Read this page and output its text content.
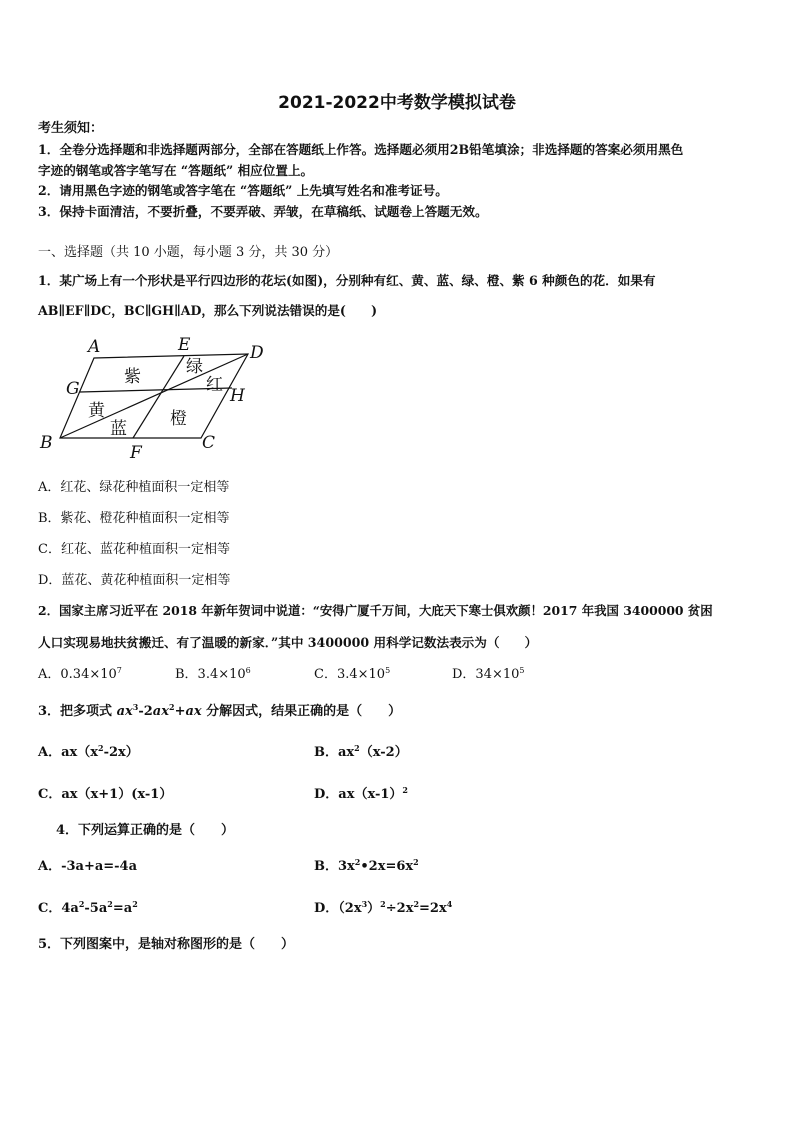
2021-2022中考数学模拟试卷
考生须知：
1．全卷分选择题和非选择题两部分，全部在答题纸上作答。选择题必须用2B铅笔填涂；非选择题的答案必须用黑色
字迹的钢笔或答字笔写在 “答题纸” 相应位置上。
2．请用黑色字迹的钢笔或答字笔在 “答题纸” 上先填写姓名和准考证号。
3．保持卡面清洁，不要折叠，不要弄破、弄皱，在草稿纸、试题卷上答题无效。
一、选择题（共 10 小题，每小题 3 分，共 30 分）
1．某广场上有一个形状是平行四边形的花坛(如图)，分别种有红、黄、蓝、绿、橙、紫 6 种颜色的花．如果有
AB∥EF∥DC，BC∥GH∥AD，那么下列说法错误的是(　　)
A	E	D
G	H
B	F	C
紫	绿
红
黄	橙
蓝
A．红花、绿花种植面积一定相等
B．紫花、橙花种植面积一定相等
C．红花、蓝花种植面积一定相等
D．蓝花、黄花种植面积一定相等
2．国家主席习近平在 2018 年新年贺词中说道：“安得广厦千万间，大庇天下寒士俱欢颜！2017 年我国 3400000 贫困
人口实现易地扶贫搬迁、有了温暖的新家．”其中 3400000 用科学记数法表示为（　　）
A．$0.34\times 10^7$	B．$3.4\times 10^6$	C．$3.4\times 10^5$	D．$34\times 10^5$
3．把多项式 $ax^3-2ax^2+ax$ 分解因式，结果正确的是（　　）
A．$ax(x^2-2x)$	B．$ax^2(x-2)$
C．ax（x+1）(x-1）	D．$ax(x-1)^2$
4．下列运算正确的是（　　）
A．-3a+a=-4a	B．$3x^2•2x=6x^2$
C．$4a^2-5a^2=a^2$	D．$(2x^3)^2\div 2x^2=2x^4$
5．下列图案中，是轴对称图形的是（　　）
